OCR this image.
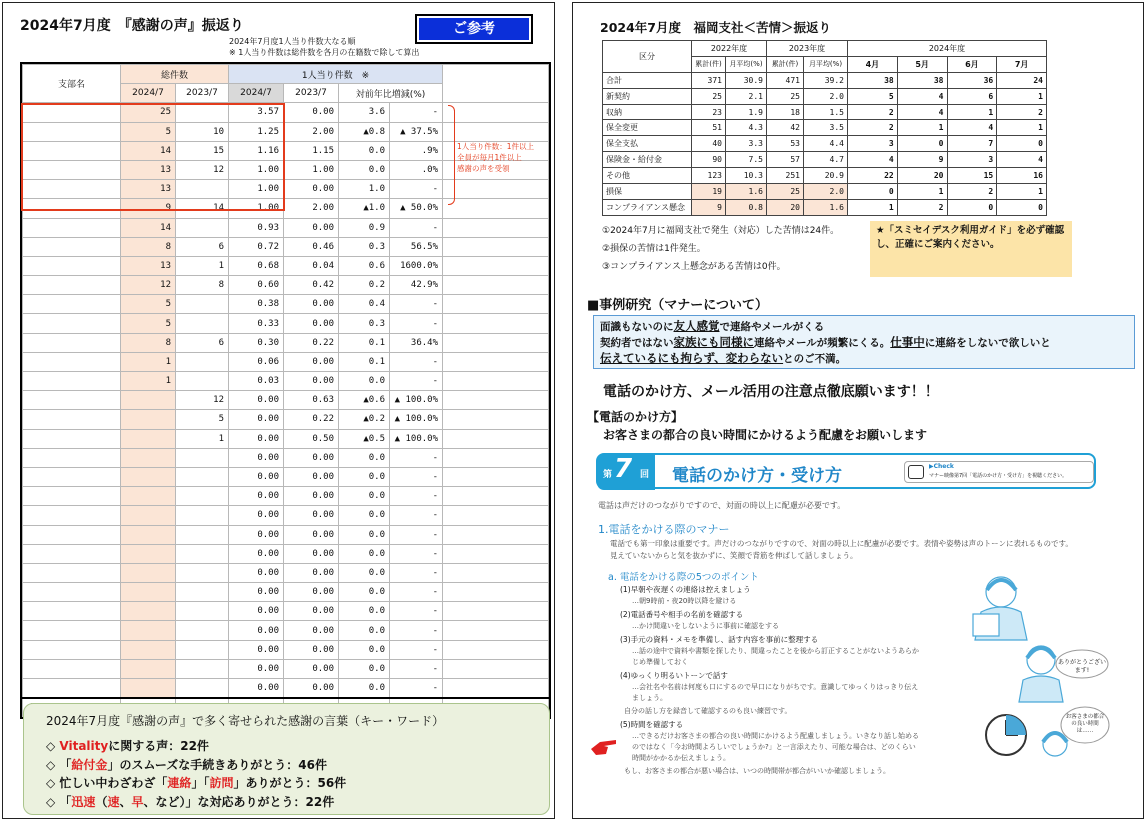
2024年7月度　『感謝の声』振返り	ご参考
2024年7月度1人当り件数大なる順
※ 1人当り件数は総件数を各月の在籍数で除して算出
支部名	総件数		1人当り件数　※				
	2024/7	2023/7	2024/7	2023/7	対前年比増減(%)		
	25		3.57	0.00	3.6	-	
	5	10	1.25	2.00	▲0.8	▲ 37.5%	
	14	15	1.16	1.15	0.0	.9%	
	13	12	1.00	1.00	0.0	.0%	
	13		1.00	0.00	1.0	-	
	9	14	1.00	2.00	▲1.0	▲ 50.0%	
	14		0.93	0.00	0.9	-	
	8	6	0.72	0.46	0.3	56.5%	
	13	1	0.68	0.04	0.6	1600.0%	
	12	8	0.60	0.42	0.2	42.9%	
	5		0.38	0.00	0.4	-	
	5		0.33	0.00	0.3	-	
	8	6	0.30	0.22	0.1	36.4%	
	1		0.06	0.00	0.1	-	
	1		0.03	0.00	0.0	-	
		12	0.00	0.63	▲0.6	▲ 100.0%	
		5	0.00	0.22	▲0.2	▲ 100.0%	
		1	0.00	0.50	▲0.5	▲ 100.0%	
			0.00	0.00	0.0	-	
			0.00	0.00	0.0	-	
			0.00	0.00	0.0	-	
			0.00	0.00	0.0	-	
			0.00	0.00	0.0	-	
			0.00	0.00	0.0	-	
			0.00	0.00	0.0	-	
			0.00	0.00	0.0	-	
			0.00	0.00	0.0	-	
			0.00	0.00	0.0	-	
			0.00	0.00	0.0	-	
			0.00	0.00	0.0	-	
			0.00	0.00	0.0	-	

1人当り件数：1件以上
全員が毎月1件以上
感謝の声を受領
2024年7月度『感謝の声』で多く寄せられた感謝の言葉（キー・ワード）
◇ Vitalityに関する声：22件
◇ 「給付金」のスムーズな手続きありがとう：46件
◇ 忙しい中わざわざ「連絡」「訪問」ありがとう：56件
◇ 「迅速（速、早、など）」な対応ありがとう：22件
2024年7月度　福岡支社＜苦情＞振返り
区分	2022年度		2023年度		2024年度			
	累計(件)	月平均(%)	累計(件)	月平均(%)	4月	5月	6月	7月
合計	371	30.9	471	39.2	38	38	36	24
新契約	25	2.1	25	2.0	5	4	6	1
収納	23	1.9	18	1.5	2	4	1	2
保全変更	51	4.3	42	3.5	2	1	4	1
保全支払	40	3.3	53	4.4	3	0	7	0
保険金・給付金	90	7.5	57	4.7	4	9	3	4
その他	123	10.3	251	20.9	22	20	15	16
損保	19	1.6	25	2.0	0	1	2	1
コンプライアンス懸念	9	0.8	20	1.6	1	2	0	0
①2024年7月に福岡支社で発生（対応）した苦情は24件。
②損保の苦情は1件発生。
③コンプライアンス上懸念がある苦情は0件。
★「スミセイデスク利用ガイド」を必ず確認し、正確にご案内ください。
■事例研究（マナーについて）
面識もないのに友人感覚で連絡やメールがくる
契約者ではない家族にも同様に連絡やメールが頻繁にくる。仕事中に連絡をしないで欲しいと
伝えているにも拘らず、変わらないとのご不満。
電話のかけ方、メール活用の注意点徹底願います！！
【電話のかけ方】
お客さまの都合の良い時間にかけるよう配慮をお願いします
第 7 回 電話のかけ方・受け方	▶Check
マナー映像第7回「電話のかけ方・受け方」を視聴ください。
電話は声だけのつながりですので、対面の時以上に配慮が必要です。
1.電話をかける際のマナー
電話でも第一印象は重要です。声だけのつながりですので、対面の時以上に配慮が必要です。表情や姿勢は声のトーンに表れるものです。見えていないからと気を抜かずに、笑顔で背筋を伸ばして話しましょう。
a. 電話をかける際の5つのポイント
(1)早朝や夜遅くの連絡は控えましょう
…朝9時前・夜20時以降を避ける
(2)電話番号や相手の名前を確認する
…かけ間違いをしないように事前に確認をする
(3)手元の資料・メモを準備し、話す内容を事前に整理する
…話の途中で資料や書類を探したり、間違ったことを後から訂正することがないようあらかじめ準備しておく
(4)ゆっくり明るいトーンで話す
…会社名や名前は何度も口にするので早口になりがちです。意識してゆっくりはっきり伝えましょう。
自分の話し方を録音して確認するのも良い練習です。
(5)時間を確認する
…できるだけお客さまの都合の良い時間にかけるよう配慮しましょう。いきなり話し始めるのではなく「今お時間よろしいでしょうか?」と一言添えたり、可能な場合は、どのくらい時間がかかるか伝えましょう。
もし、お客さまの都合が悪い場合は、いつの時間帯が都合がいいか確認しましょう。
ありがとうございます!
お客さまの都合の良い時間は……
